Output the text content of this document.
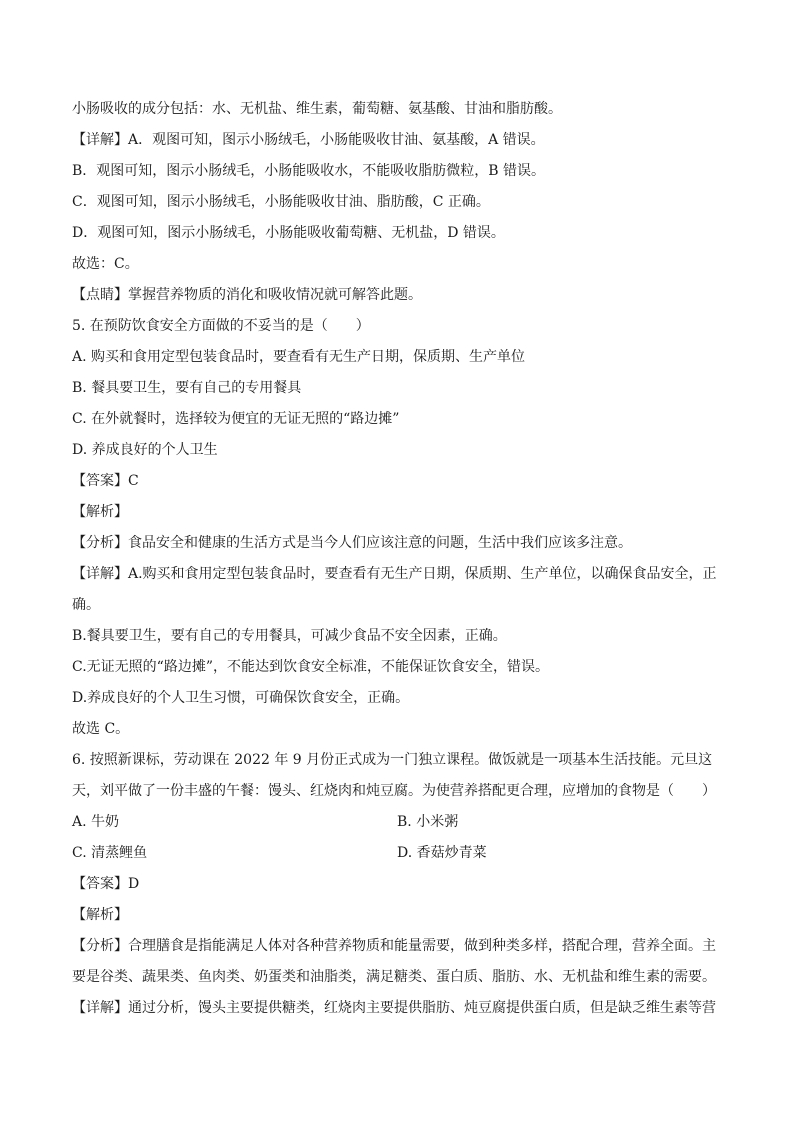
小肠吸收的成分包括：水、无机盐、维生素，葡萄糖、氨基酸、甘油和脂肪酸。
【详解】A．观图可知，图示小肠绒毛，小肠能吸收甘油、氨基酸，A 错误。
B．观图可知，图示小肠绒毛，小肠能吸收水，不能吸收脂肪微粒，B 错误。
C．观图可知，图示小肠绒毛，小肠能吸收甘油、脂肪酸，C 正确。
D．观图可知，图示小肠绒毛，小肠能吸收葡萄糖、无机盐，D 错误。
故选：C。
【点睛】掌握营养物质的消化和吸收情况就可解答此题。
5. 在预防饮食安全方面做的不妥当的是（　　）
A. 购买和食用定型包装食品时，要查看有无生产日期，保质期、生产单位
B. 餐具要卫生，要有自己的专用餐具
C. 在外就餐时，选择较为便宜的无证无照的“路边摊”
D. 养成良好的个人卫生
【答案】C
【解析】
【分析】食品安全和健康的生活方式是当今人们应该注意的问题，生活中我们应该多注意。
【详解】A.购买和食用定型包装食品时，要查看有无生产日期，保质期、生产单位，以确保食品安全，正
确。
B.餐具要卫生，要有自己的专用餐具，可减少食品不安全因素，正确。
C.无证无照的“路边摊”，不能达到饮食安全标准，不能保证饮食安全，错误。
D.养成良好的个人卫生习惯，可确保饮食安全，正确。
故选 C。
6. 按照新课标，劳动课在 2022 年 9 月份正式成为一门独立课程。做饭就是一项基本生活技能。元旦这
天，刘平做了一份丰盛的午餐：馒头、红烧肉和炖豆腐。为使营养搭配更合理，应增加的食物是（　　）
A. 牛奶	B. 小米粥
C. 清蒸鲤鱼	D. 香菇炒青菜
【答案】D
【解析】
【分析】合理膳食是指能满足人体对各种营养物质和能量需要，做到种类多样，搭配合理，营养全面。主
要是谷类、蔬果类、鱼肉类、奶蛋类和油脂类，满足糖类、蛋白质、脂肪、水、无机盐和维生素的需要。
【详解】通过分析，馒头主要提供糖类，红烧肉主要提供脂肪、炖豆腐提供蛋白质，但是缺乏维生素等营
